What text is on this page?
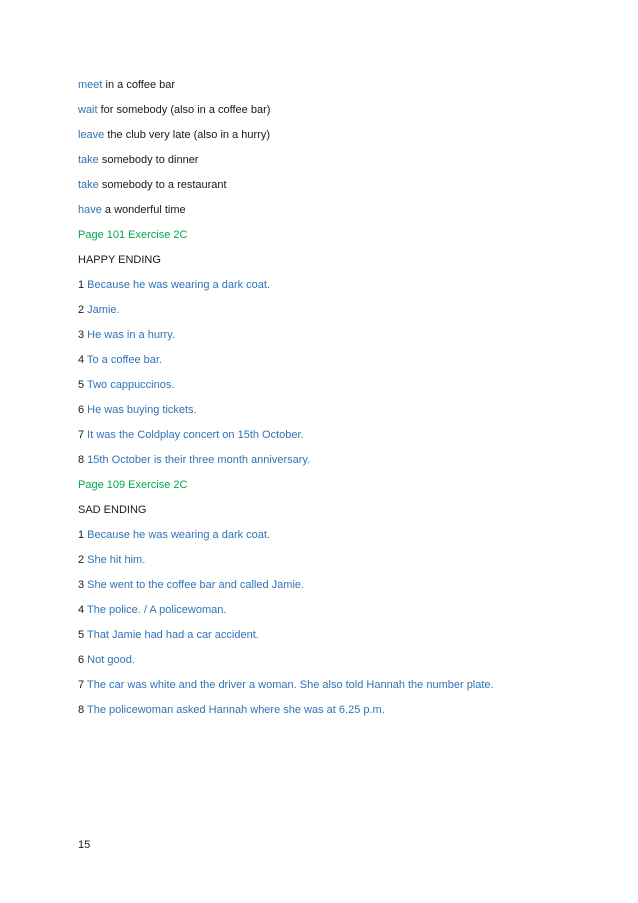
meet in a coffee bar
wait for somebody (also in a coffee bar)
leave the club very late (also in a hurry)
take somebody to dinner
take somebody to a restaurant
have a wonderful time
Page 101 Exercise 2C
HAPPY ENDING
1 Because he was wearing a dark coat.
2 Jamie.
3 He was in a hurry.
4 To a coffee bar.
5 Two cappuccinos.
6 He was buying tickets.
7 It was the Coldplay concert on 15th October.
8 15th October is their three month anniversary.
Page 109 Exercise 2C
SAD ENDING
1 Because he was wearing a dark coat.
2 She hit him.
3 She went to the coffee bar and called Jamie.
4 The police. / A policewoman.
5 That Jamie had had a car accident.
6 Not good.
7 The car was white and the driver a woman. She also told Hannah the number plate.
8 The policewoman asked Hannah where she was at 6.25 p.m.
15
